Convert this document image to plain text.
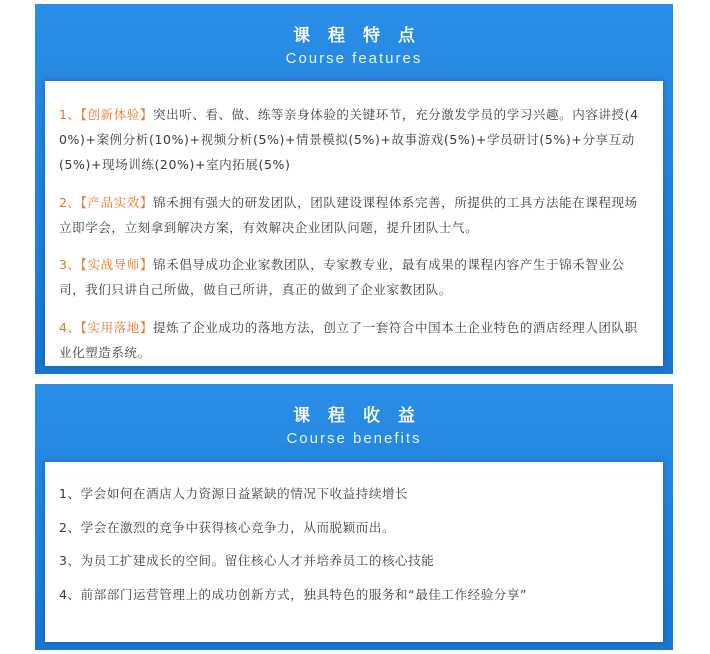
课 程 特 点
Course features

1、【创新体验】突出听、看、做、练等亲身体验的关键环节，充分激发学员的学习兴趣。内容讲授(40%)+案例分析(10%)+视频分析(5%)+情景模拟(5%)+故事游戏(5%)+学员研讨(5%)+分享互动(5%)+现场训练(20%)+室内拓展(5%)

2、【产品实效】锦禾拥有强大的研发团队，团队建设课程体系完善，所提供的工具方法能在课程现场立即学会，立刻拿到解决方案，有效解决企业团队问题，提升团队士气。

3、【实战导师】锦禾倡导成功企业家教团队，专家教专业，最有成果的课程内容产生于锦禾智业公司，我们只讲自己所做，做自己所讲，真正的做到了企业家教团队。

4、【实用落地】提炼了企业成功的落地方法，创立了一套符合中国本土企业特色的酒店经理人团队职业化塑造系统。

课 程 收 益
Course benefits

1、学会如何在酒店人力资源日益紧缺的情况下收益持续增长

2、学会在激烈的竞争中获得核心竞争力，从而脱颖而出。

3、为员工扩建成长的空间。留住核心人才并培养员工的核心技能

4、前部部门运营管理上的成功创新方式，独具特色的服务和“最佳工作经验分享”
